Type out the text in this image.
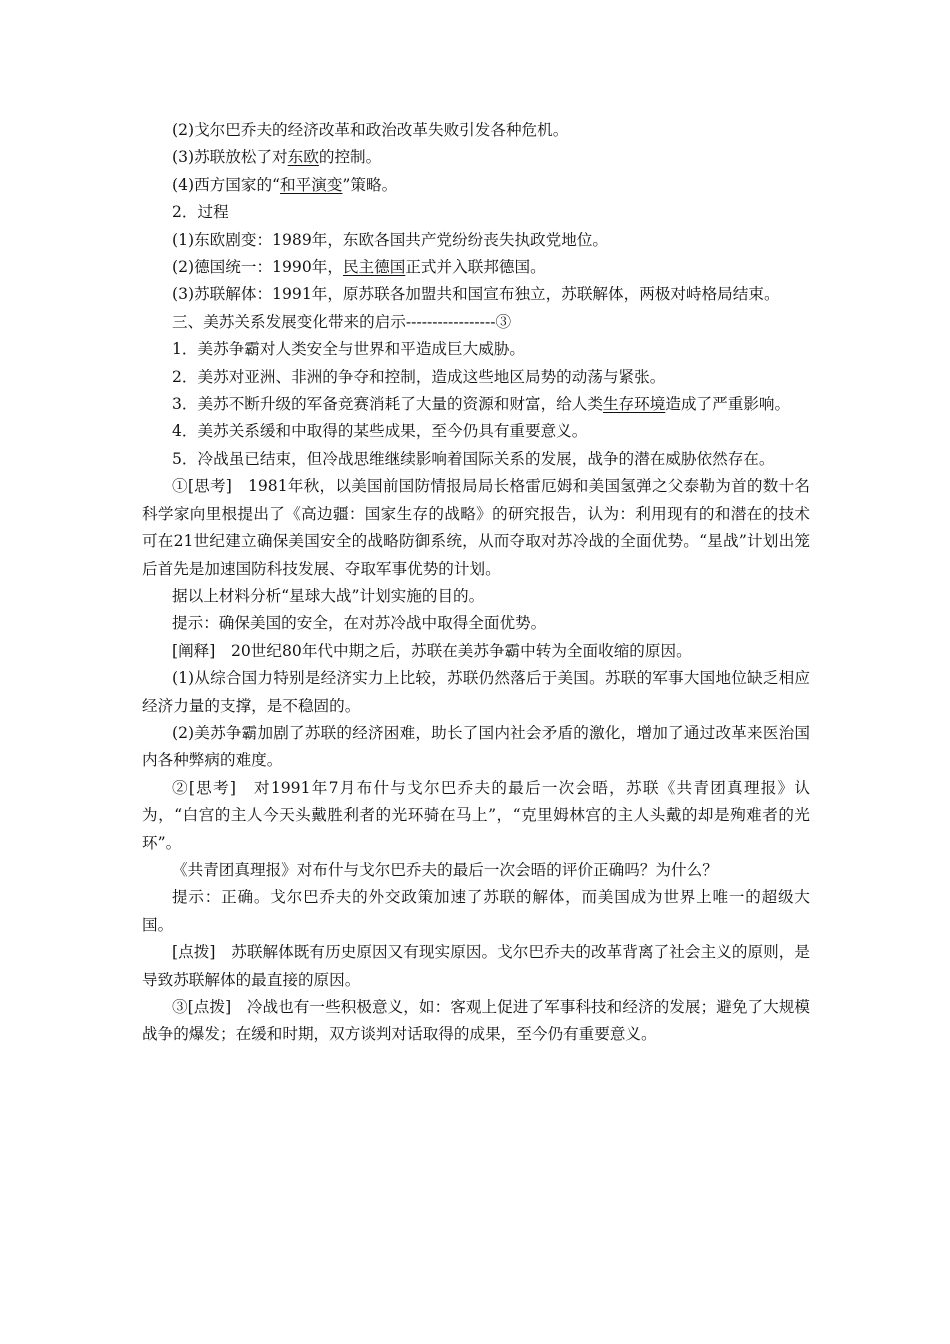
(2)戈尔巴乔夫的经济改革和政治改革失败引发各种危机。

(3)苏联放松了对东欧的控制。

(4)西方国家的“和平演变”策略。

2．过程

(1)东欧剧变：1989年，东欧各国共产党纷纷丧失执政党地位。

(2)德国统一：1990年，民主德国正式并入联邦德国。

(3)苏联解体：1991年，原苏联各加盟共和国宣布独立，苏联解体，两极对峙格局结束。

三、美苏关系发展变化带来的启示-----------------③

1．美苏争霸对人类安全与世界和平造成巨大威胁。

2．美苏对亚洲、非洲的争夺和控制，造成这些地区局势的动荡与紧张。

3．美苏不断升级的军备竞赛消耗了大量的资源和财富，给人类生存环境造成了严重影响。

4．美苏关系缓和中取得的某些成果，至今仍具有重要意义。

5．冷战虽已结束，但冷战思维继续影响着国际关系的发展，战争的潜在威胁依然存在。

①[思考]　1981年秋，以美国前国防情报局局长格雷厄姆和美国氢弹之父泰勒为首的数十名科学家向里根提出了《高边疆：国家生存的战略》的研究报告，认为：利用现有的和潜在的技术可在21世纪建立确保美国安全的战略防御系统，从而夺取对苏冷战的全面优势。“星战”计划出笼后首先是加速国防科技发展、夺取军事优势的计划。

据以上材料分析“星球大战”计划实施的目的。

提示：确保美国的安全，在对苏冷战中取得全面优势。

[阐释]　20世纪80年代中期之后，苏联在美苏争霸中转为全面收缩的原因。

(1)从综合国力特别是经济实力上比较，苏联仍然落后于美国。苏联的军事大国地位缺乏相应经济力量的支撑，是不稳固的。

(2)美苏争霸加剧了苏联的经济困难，助长了国内社会矛盾的激化，增加了通过改革来医治国内各种弊病的难度。

②[思考]　对1991年7月布什与戈尔巴乔夫的最后一次会晤，苏联《共青团真理报》认为，“白宫的主人今天头戴胜利者的光环骑在马上”，“克里姆林宫的主人头戴的却是殉难者的光环”。

《共青团真理报》对布什与戈尔巴乔夫的最后一次会晤的评价正确吗？为什么？

提示：正确。戈尔巴乔夫的外交政策加速了苏联的解体，而美国成为世界上唯一的超级大国。

[点拨]　苏联解体既有历史原因又有现实原因。戈尔巴乔夫的改革背离了社会主义的原则，是导致苏联解体的最直接的原因。

③[点拨]　冷战也有一些积极意义，如：客观上促进了军事科技和经济的发展；避免了大规模战争的爆发；在缓和时期，双方谈判对话取得的成果，至今仍有重要意义。
